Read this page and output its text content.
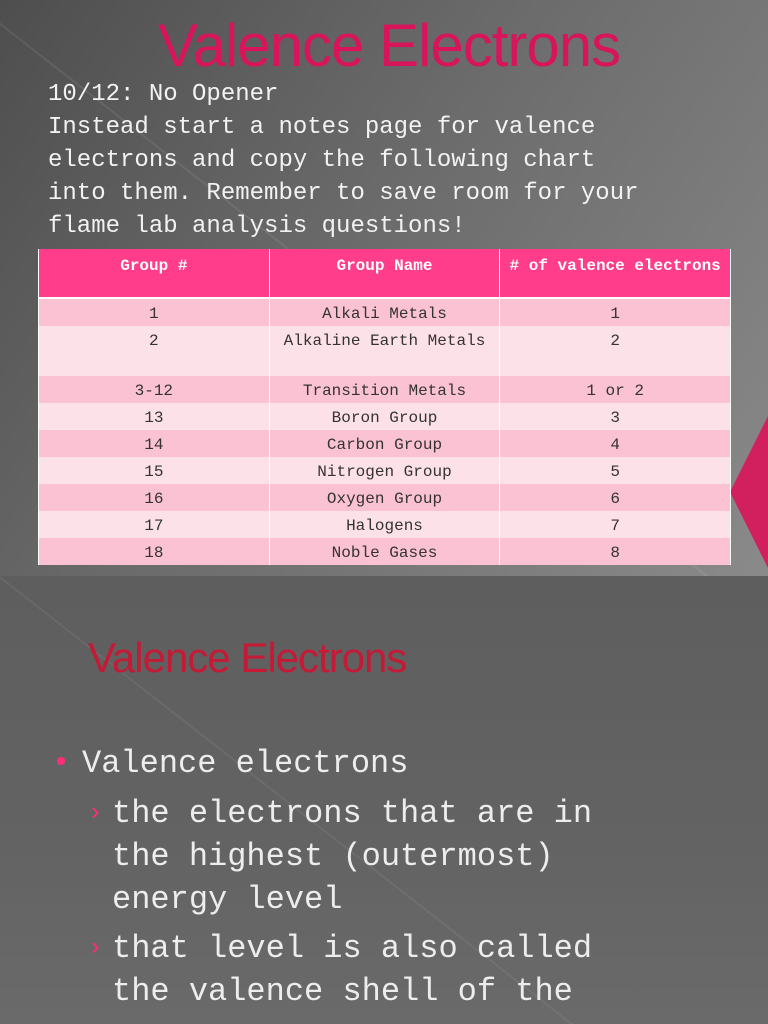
Valence Electrons
10/12: No Opener
Instead start a notes page for valence
electrons and copy the following chart
into them. Remember to save room for your
flame lab analysis questions!
Group #	Group Name	# of valence electrons
1	Alkali Metals	1
2	Alkaline Earth Metals	2
3-12	Transition Metals	1 or 2
13	Boron Group	3
14	Carbon Group	4
15	Nitrogen Group	5
16	Oxygen Group	6
17	Halogens	7
18	Noble Gases	8
Valence Electrons
• Valence electrons
› the electrons that are in
the highest (outermost)
energy level
› that level is also called
the valence shell of the
